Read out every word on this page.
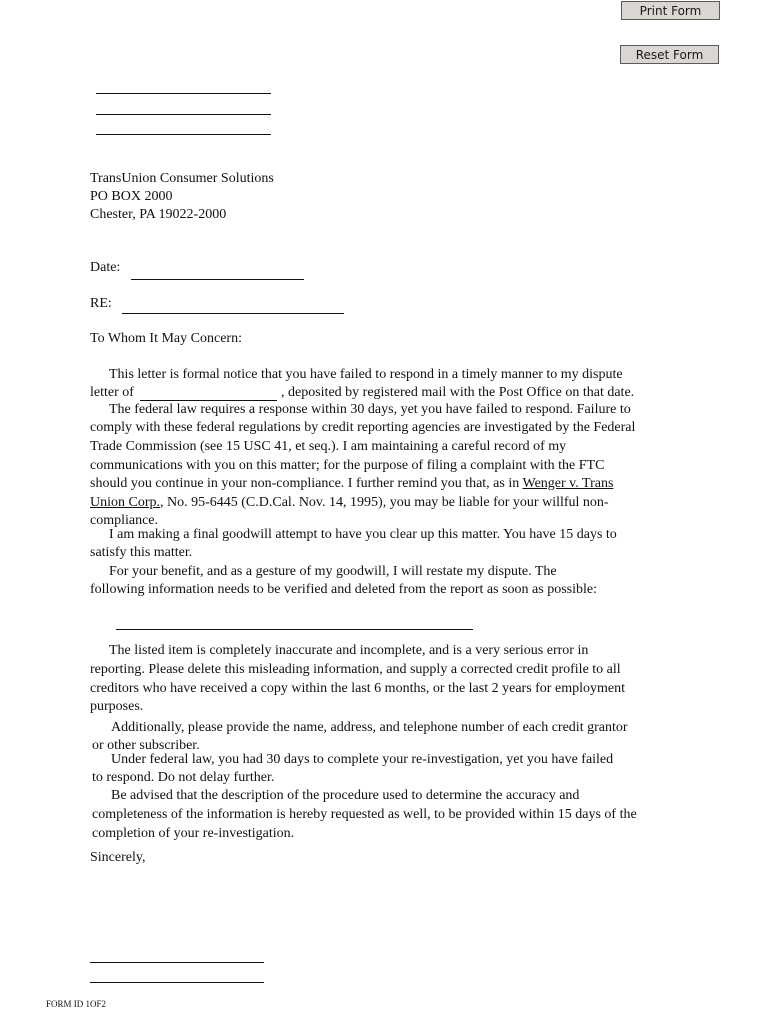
Print Form
Reset Form
TransUnion Consumer Solutions
PO BOX 2000
Chester, PA 19022-2000
Date:
RE:
To Whom It May Concern:
This letter is formal notice that you have failed to respond in a timely manner to my dispute
letter of	, deposited by registered mail with the Post Office on that date.
The federal law requires a response within 30 days, yet you have failed to respond. Failure to
comply with these federal regulations by credit reporting agencies are investigated by the Federal
Trade Commission (see 15 USC 41, et seq.). I am maintaining a careful record of my
communications with you on this matter; for the purpose of filing a complaint with the FTC
should you continue in your non-compliance. I further remind you that, as in Wenger v. Trans
Union Corp., No. 95-6445 (C.D.Cal. Nov. 14, 1995), you may be liable for your willful non-
compliance.
I am making a final goodwill attempt to have you clear up this matter. You have 15 days to
satisfy this matter.
For your benefit, and as a gesture of my goodwill, I will restate my dispute. The
following information needs to be verified and deleted from the report as soon as possible:
The listed item is completely inaccurate and incomplete, and is a very serious error in
reporting. Please delete this misleading information, and supply a corrected credit profile to all
creditors who have received a copy within the last 6 months, or the last 2 years for employment
purposes.
Additionally, please provide the name, address, and telephone number of each credit grantor
or other subscriber.
Under federal law, you had 30 days to complete your re-investigation, yet you have failed
to respond. Do not delay further.
Be advised that the description of the procedure used to determine the accuracy and
completeness of the information is hereby requested as well, to be provided within 15 days of the
completion of your re-investigation.
Sincerely,
FORM ID 1OF2
